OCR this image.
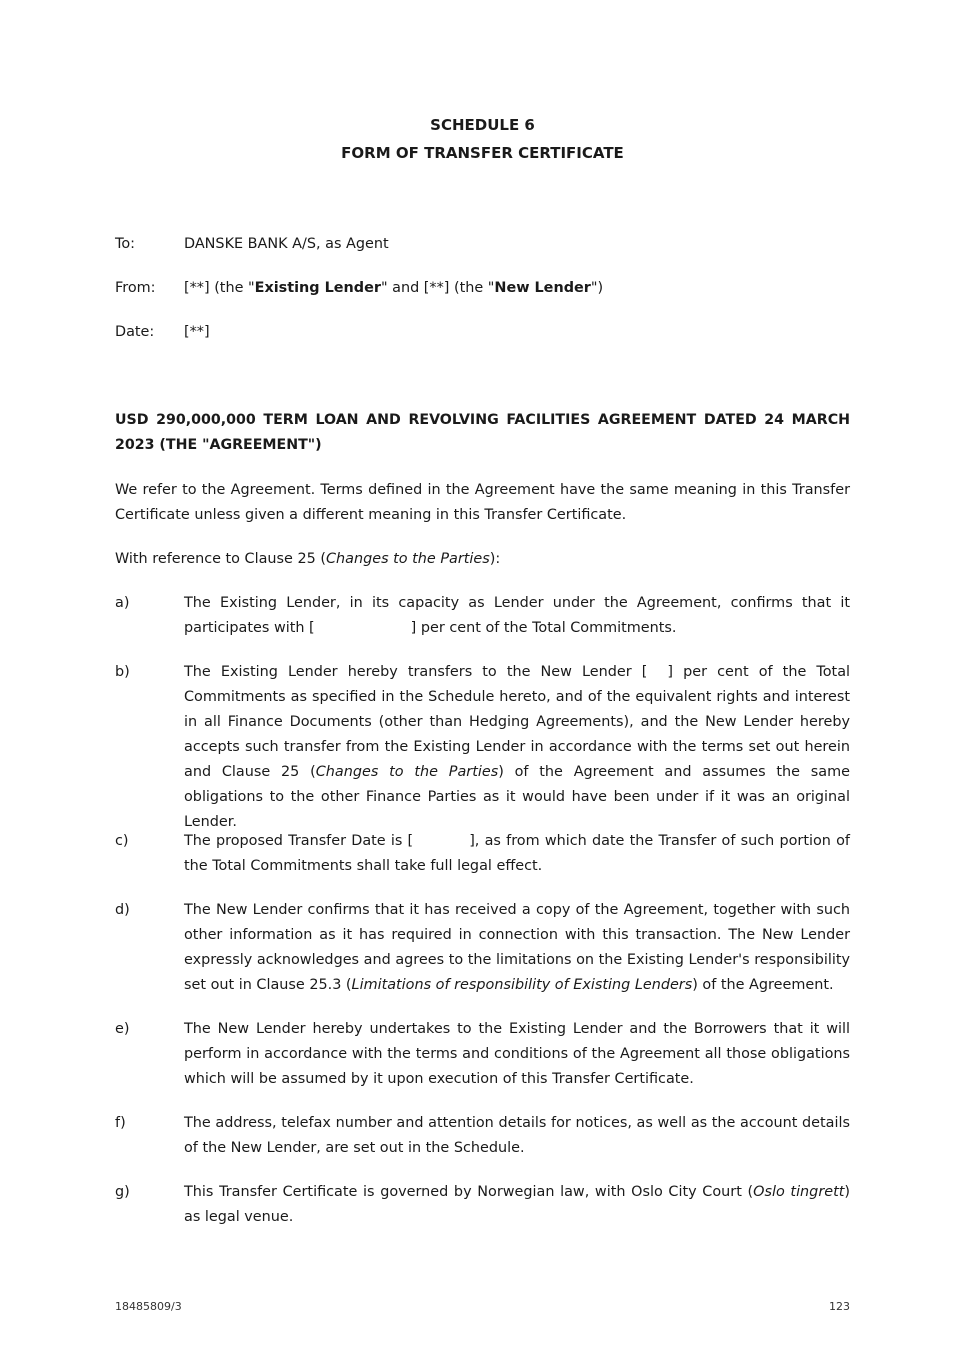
SCHEDULE 6
FORM OF TRANSFER CERTIFICATE
To:	DANSKE BANK A/S, as Agent
From: [**] (the "Existing Lender" and [**] (the "New Lender")
Date: [**]

USD 290,000,000 TERM LOAN AND REVOLVING FACILITIES AGREEMENT DATED 24 MARCH 2023 (THE "AGREEMENT")

We refer to the Agreement. Terms defined in the Agreement have the same meaning in this Transfer Certificate unless given a different meaning in this Transfer Certificate.

With reference to Clause 25 (Changes to the Parties):

a)	The Existing Lender, in its capacity as Lender under the Agreement, confirms that it participates with [	] per cent of the Total Commitments.
b)	The Existing Lender hereby transfers to the New Lender [ ] per cent of the Total Commitments as specified in the Schedule hereto, and of the equivalent rights and interest in all Finance Documents (other than Hedging Agreements), and the New Lender hereby accepts such transfer from the Existing Lender in accordance with the terms set out herein and Clause 25 (Changes to the Parties) of the Agreement and assumes the same obligations to the other Finance Parties as it would have been under if it was an original Lender.
c)	The proposed Transfer Date is [	], as from which date the Transfer of such portion of the Total Commitments shall take full legal effect.
d)	The New Lender confirms that it has received a copy of the Agreement, together with such other information as it has required in connection with this transaction. The New Lender expressly acknowledges and agrees to the limitations on the Existing Lender's responsibility set out in Clause 25.3 (Limitations of responsibility of Existing Lenders) of the Agreement.
e)	The New Lender hereby undertakes to the Existing Lender and the Borrowers that it will perform in accordance with the terms and conditions of the Agreement all those obligations which will be assumed by it upon execution of this Transfer Certificate.
f)	The address, telefax number and attention details for notices, as well as the account details of the New Lender, are set out in the Schedule.
g)	This Transfer Certificate is governed by Norwegian law, with Oslo City Court (Oslo tingrett) as legal venue.
18485809/3	123
